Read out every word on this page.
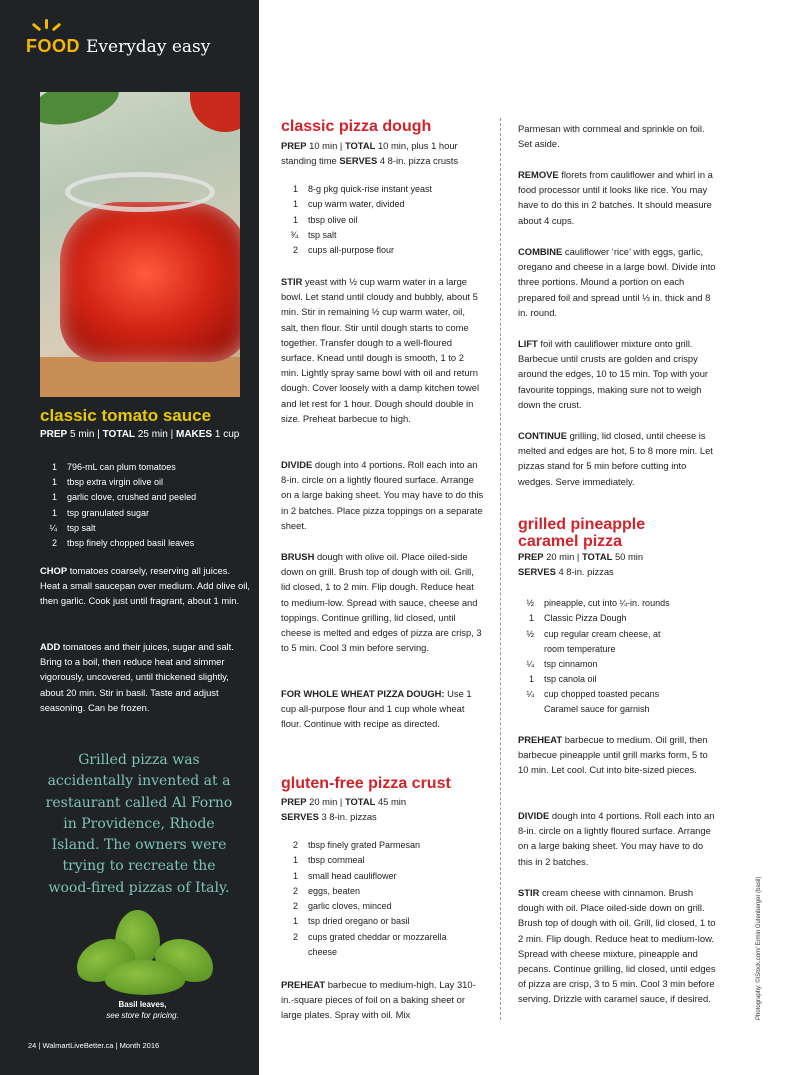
FOOD Everyday easy
classic tomato sauce
PREP 5 min | TOTAL 25 min | MAKES 1 cup
1	796-mL can plum tomatoes
1	tbsp extra virgin olive oil
1	garlic clove, crushed and peeled
1	tsp granulated sugar
¼	tsp salt
2	tbsp finely chopped basil leaves

CHOP tomatoes coarsely, reserving all juices. Heat a small saucepan over medium. Add olive oil, then garlic. Cook just until fragrant, about 1 min.

ADD tomatoes and their juices, sugar and salt. Bring to a boil, then reduce heat and simmer vigorously, uncovered, until thickened slightly, about 20 min. Stir in basil. Taste and adjust seasoning. Can be frozen.

Grilled pizza was accidentally invented at a restaurant called Al Forno in Providence, Rhode Island. The owners were trying to recreate the wood-fired pizzas of Italy.

Basil leaves,
see store for pricing.
24 | WalmartLiveBetter.ca | Month 2016
classic pizza dough
PREP 10 min | TOTAL 10 min, plus 1 hour
standing time SERVES 4 8-in. pizza crusts
1	8-g pkg quick-rise instant yeast
1	cup warm water, divided
1	tbsp olive oil
¾	tsp salt
2	cups all-purpose flour

STIR yeast with ½ cup warm water in a large bowl. Let stand until cloudy and bubbly, about 5 min. Stir in remaining ½ cup warm water, oil, salt, then flour. Stir until dough starts to come together. Transfer dough to a well-floured surface. Knead until dough is smooth, 1 to 2 min. Lightly spray same bowl with oil and return dough. Cover loosely with a damp kitchen towel and let rest for 1 hour. Dough should double in size. Preheat barbecue to high.

DIVIDE dough into 4 portions. Roll each into an 8-in. circle on a lightly floured surface. Arrange on a large baking sheet. You may have to do this in 2 batches. Place pizza toppings on a separate sheet.

BRUSH dough with olive oil. Place oiled-side down on grill. Brush top of dough with oil. Grill, lid closed, 1 to 2 min. Flip dough. Reduce heat to medium-low. Spread with sauce, cheese and toppings. Continue grilling, lid closed, until cheese is melted and edges of pizza are crisp, 3 to 5 min. Cool 3 min before serving.

FOR WHOLE WHEAT PIZZA DOUGH: Use 1 cup all-purpose flour and 1 cup whole wheat flour. Continue with recipe as directed.

gluten-free pizza crust
PREP 20 min | TOTAL 45 min
SERVES 3 8-in. pizzas
2	tbsp finely grated Parmesan
1	tbsp cornmeal
1	small head cauliflower
2	eggs, beaten
2	garlic cloves, minced
1	tsp dried oregano or basil
2	cups grated cheddar or mozzarella cheese

PREHEAT barbecue to medium-high. Lay 310-in.-square pieces of foil on a baking sheet or large plates. Spray with oil. Mix

Parmesan with cornmeal and sprinkle on foil. Set aside.

REMOVE florets from cauliflower and whirl in a food processor until it looks like rice. You may have to do this in 2 batches. It should measure about 4 cups.

COMBINE cauliflower ‘rice’ with eggs, garlic, oregano and cheese in a large bowl. Divide into three portions. Mound a portion on each prepared foil and spread until ⅓ in. thick and 8 in. round.

LIFT foil with cauliflower mixture onto grill. Barbecue until crusts are golden and crispy around the edges, 10 to 15 min. Top with your favourite toppings, making sure not to weigh down the crust.

CONTINUE grilling, lid closed, until cheese is melted and edges are hot, 5 to 8 more min. Let pizzas stand for 5 min before cutting into wedges. Serve immediately.

grilled pineapple
caramel pizza
PREP 20 min | TOTAL 50 min
SERVES 4 8-in. pizzas
½	pineapple, cut into ¼-in. rounds
1	Classic Pizza Dough
½	cup regular cream cheese, at room temperature
¼	tsp cinnamon
1	tsp canola oil
¼	cup chopped toasted pecans
Caramel sauce for garnish

PREHEAT barbecue to medium. Oil grill, then barbecue pineapple until grill marks form, 5 to 10 min. Let cool. Cut into bite-sized pieces.

DIVIDE dough into 4 portions. Roll each into an 8-in. circle on a lightly floured surface. Arrange on a large baking sheet. You may have to do this in 2 batches.

STIR cream cheese with cinnamon. Brush dough with oil. Place oiled-side down on grill. Brush top of dough with oil. Grill, lid closed, 1 to 2 min. Flip dough. Reduce heat to medium-low. Spread with cheese mixture, pineapple and pecans. Continue grilling, lid closed, until edges of pizza are crisp, 3 to 5 min. Cool 3 min before serving. Drizzle with caramel sauce, if desired.	Photography: ©iStock.com/ Ermin Gutenberger (basil)
